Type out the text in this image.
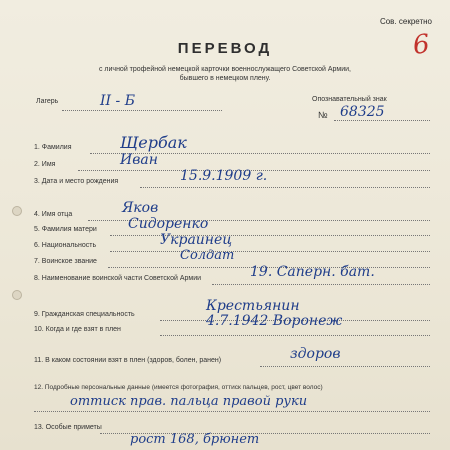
Сов. секретно
6
ПЕРЕВОД
с личной трофейной немецкой карточки военнослужащего Советской Армии,
бывшего в немецком плену.
Лагерь	II - Б	Опознавательный знак
№ 68325
1. Фамилия	Щербак
2. Имя	Иван
3. Дата и место рождения	15.9.1909 г.
4. Имя отца	Яков
5. Фамилия матери Сидоренко
6. Национальность	Украинец
7. Воинское звание	Солдат
8. Наименование воинской части Советской Армии	19. Саперн. бат.
9. Гражданская специальность
Крестьянин
10. Когда и где взят в плен
4.7.1942 Воронеж
11. В каком состоянии взят в плен (здоров, болен, ранен)	здоров
12. Подробные персональные данные (имеется фотография, оттиск пальцев, рост, цвет волос)
оттиск прав. пальца правой руки
13. Особые приметы
рост 168, брюнет
